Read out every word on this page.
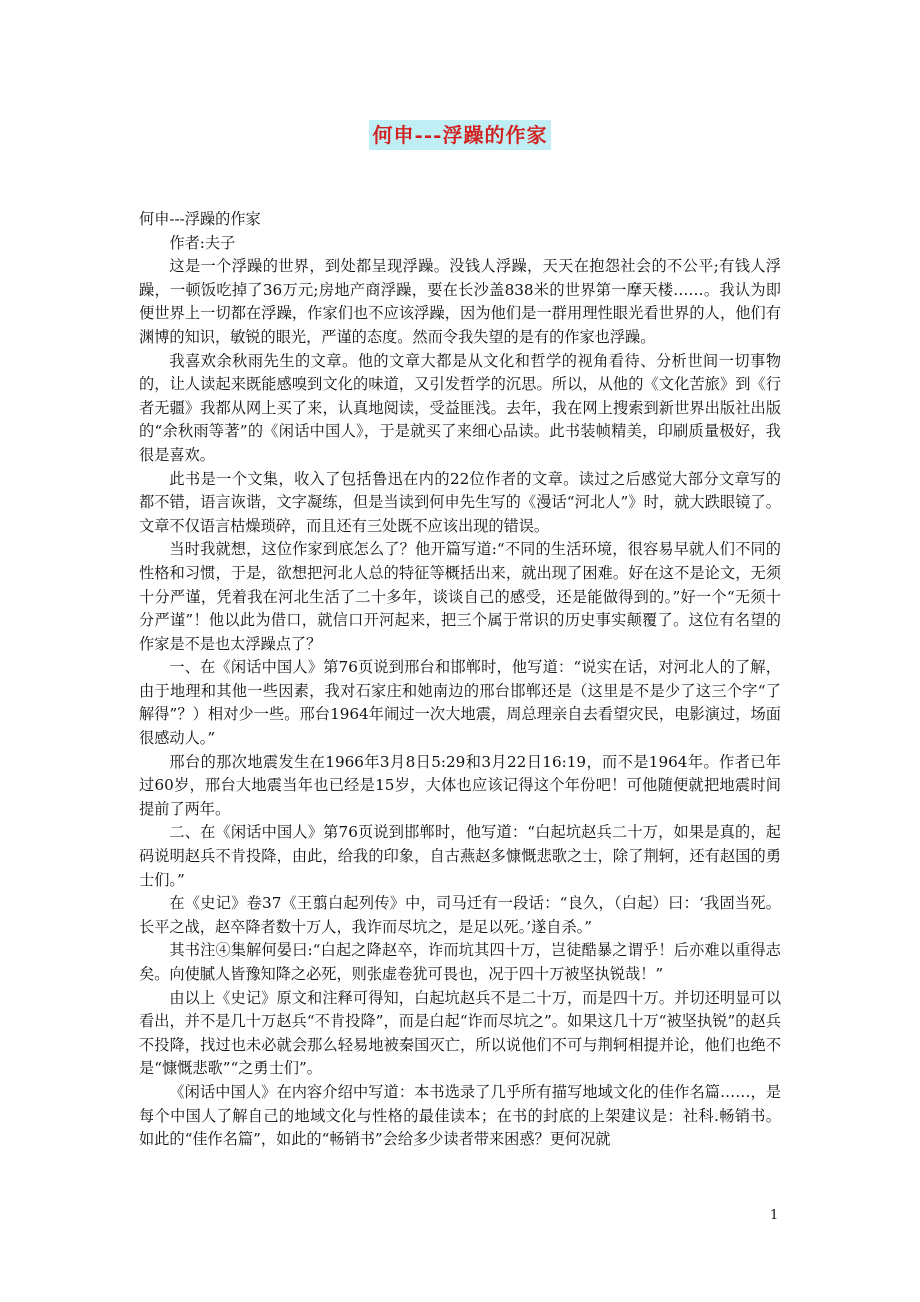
何申---浮躁的作家

何申---浮躁的作家

作者:夫子

这是一个浮躁的世界，到处都呈现浮躁。没钱人浮躁，天天在抱怨社会的不公平;有钱人浮躁，一顿饭吃掉了36万元;房地产商浮躁，要在长沙盖838米的世界第一摩天楼……。我认为即便世界上一切都在浮躁，作家们也不应该浮躁，因为他们是一群用理性眼光看世界的人，他们有渊博的知识，敏锐的眼光，严谨的态度。然而令我失望的是有的作家也浮躁。

我喜欢余秋雨先生的文章。他的文章大都是从文化和哲学的视角看待、分析世间一切事物的，让人读起来既能感嗅到文化的味道，又引发哲学的沉思。所以，从他的《文化苦旅》到《行者无疆》我都从网上买了来，认真地阅读，受益匪浅。去年，我在网上搜索到新世界出版社出版的“余秋雨等著”的《闲话中国人》，于是就买了来细心品读。此书装帧精美，印刷质量极好，我很是喜欢。

此书是一个文集，收入了包括鲁迅在内的22位作者的文章。读过之后感觉大部分文章写的都不错，语言诙谐，文字凝练，但是当读到何申先生写的《漫话“河北人”》时，就大跌眼镜了。文章不仅语言枯燥琐碎，而且还有三处既不应该出现的错误。

当时我就想，这位作家到底怎么了？他开篇写道:“不同的生活环境，很容易早就人们不同的性格和习惯，于是，欲想把河北人总的特征等概括出来，就出现了困难。好在这不是论文，无须十分严谨，凭着我在河北生活了二十多年，谈谈自己的感受，还是能做得到的。”好一个“无须十分严谨”！他以此为借口，就信口开河起来，把三个属于常识的历史事实颠覆了。这位有名望的作家是不是也太浮躁点了？

一、在《闲话中国人》第76页说到邢台和邯郸时，他写道：“说实在话，对河北人的了解，由于地理和其他一些因素，我对石家庄和她南边的邢台邯郸还是（这里是不是少了这三个字“了解得”？）相对少一些。邢台1964年闹过一次大地震，周总理亲自去看望灾民，电影演过，场面很感动人。”

邢台的那次地震发生在1966年3月8日5:29和3月22日16:19，而不是1964年。作者已年过60岁，邢台大地震当年也已经是15岁，大体也应该记得这个年份吧！可他随便就把地震时间提前了两年。

二、在《闲话中国人》第76页说到邯郸时，他写道：“白起坑赵兵二十万，如果是真的，起码说明赵兵不肯投降，由此，给我的印象，自古燕赵多慷慨悲歌之士，除了荆轲，还有赵国的勇士们。”

在《史记》卷37《王翦白起列传》中，司马迁有一段话：“良久，（白起）曰：‘我固当死。长平之战，赵卒降者数十万人，我诈而尽坑之，是足以死。’遂自杀。”

其书注④集解何晏曰:“白起之降赵卒，诈而坑其四十万，岂徒酷暴之谓乎！后亦难以重得志矣。向使膩人皆豫知降之必死，则张虚卷犹可畏也，况于四十万被坚执锐哉！”

由以上《史记》原文和注释可得知，白起坑赵兵不是二十万，而是四十万。并切还明显可以看出，并不是几十万赵兵“不肯投降”，而是白起“诈而尽坑之”。如果这几十万“被坚执锐”的赵兵不投降，找过也未必就会那么轻易地被秦国灭亡，所以说他们不可与荆轲相提并论，他们也绝不是“慷慨悲歌”“之勇士们”。

《闲话中国人》在内容介绍中写道：本书选录了几乎所有描写地域文化的佳作名篇……，是每个中国人了解自己的地域文化与性格的最佳读本；在书的封底的上架建议是：社科.畅销书。如此的“佳作名篇”，如此的“畅销书”会给多少读者带来困惑？更何况就

1
